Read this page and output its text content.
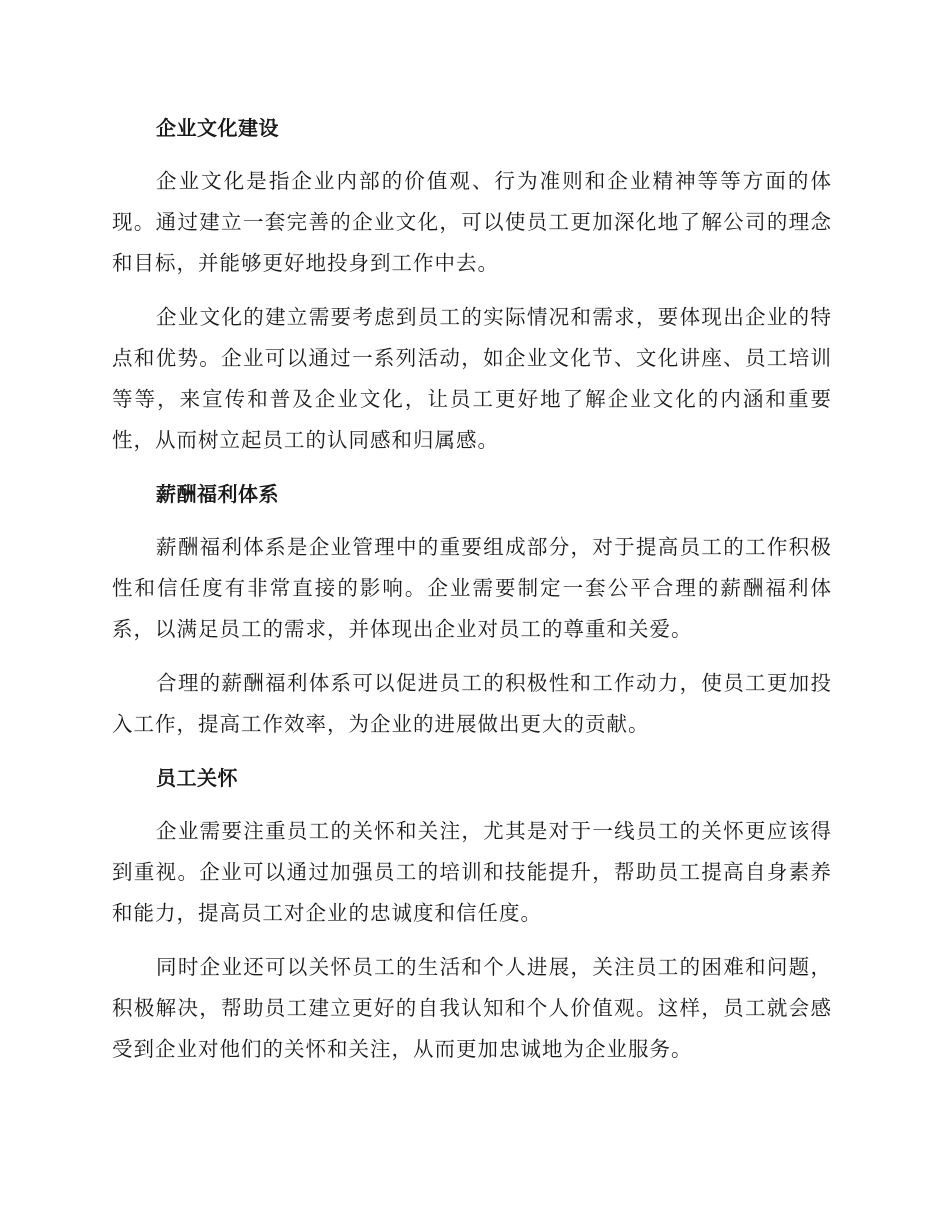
企业文化建设

企业文化是指企业内部的价值观、行为准则和企业精神等等方面的体现。通过建立一套完善的企业文化，可以使员工更加深化地了解公司的理念和目标，并能够更好地投身到工作中去。

企业文化的建立需要考虑到员工的实际情况和需求，要体现出企业的特点和优势。企业可以通过一系列活动，如企业文化节、文化讲座、员工培训等等，来宣传和普及企业文化，让员工更好地了解企业文化的内涵和重要性，从而树立起员工的认同感和归属感。

薪酬福利体系

薪酬福利体系是企业管理中的重要组成部分，对于提高员工的工作积极性和信任度有非常直接的影响。企业需要制定一套公平合理的薪酬福利体系，以满足员工的需求，并体现出企业对员工的尊重和关爱。

合理的薪酬福利体系可以促进员工的积极性和工作动力，使员工更加投入工作，提高工作效率，为企业的进展做出更大的贡献。

员工关怀

企业需要注重员工的关怀和关注，尤其是对于一线员工的关怀更应该得到重视。企业可以通过加强员工的培训和技能提升，帮助员工提高自身素养和能力，提高员工对企业的忠诚度和信任度。

同时企业还可以关怀员工的生活和个人进展，关注员工的困难和问题，积极解决，帮助员工建立更好的自我认知和个人价值观。这样，员工就会感受到企业对他们的关怀和关注，从而更加忠诚地为企业服务。
